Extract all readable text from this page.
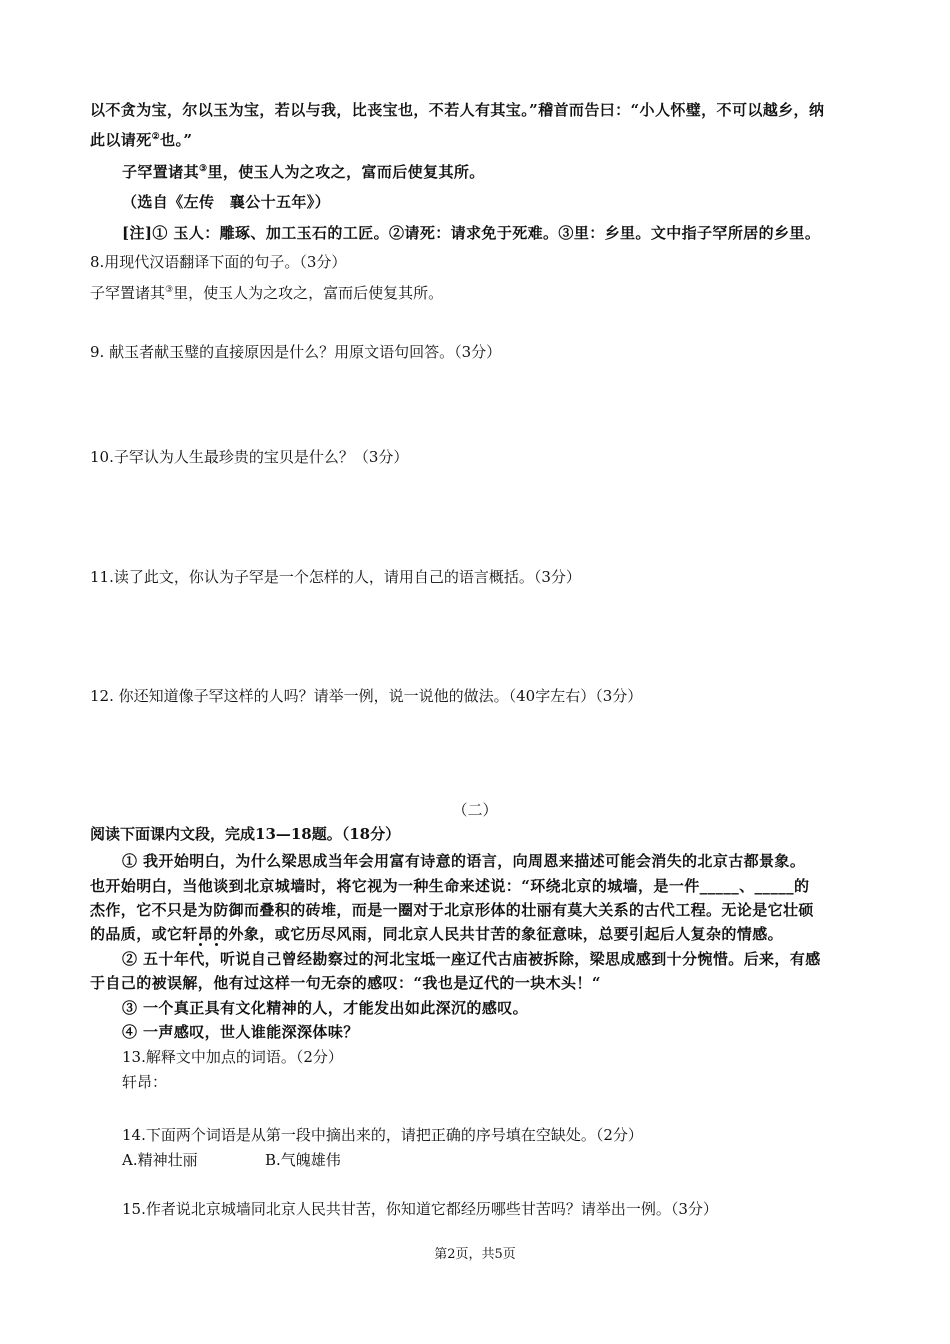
以不贪为宝，尔以玉为宝，若以与我，比丧宝也，不若人有其宝。”稽首而告曰：“小人怀璧，不可以越乡，纳
此以请死②也。”
子罕置诸其③里，使玉人为之攻之，富而后使复其所。
（选自《左传　襄公十五年》）
[注]① 玉人：雕琢、加工玉石的工匠。②请死：请求免于死难。③里：乡里。文中指子罕所居的乡里。
8.用现代汉语翻译下面的句子。（3分）
子罕置诸其③里，使玉人为之攻之，富而后使复其所。
9. 献玉者献玉璧的直接原因是什么？用原文语句回答。（3分）
10.子罕认为人生最珍贵的宝贝是什么？（3分）
11.读了此文，你认为子罕是一个怎样的人，请用自己的语言概括。（3分）
12. 你还知道像子罕这样的人吗？请举一例，说一说他的做法。（40字左右）（3分）
（二）
阅读下面课内文段，完成13—18题。（18分）
① 我开始明白，为什么梁思成当年会用富有诗意的语言，向周恩来描述可能会消失的北京古都景象。
也开始明白，当他谈到北京城墙时，将它视为一种生命来述说：“环绕北京的城墙，是一件_____、_____的
杰作，它不只是为防御而叠积的砖堆，而是一圈对于北京形体的壮丽有莫大关系的古代工程。无论是它壮硕
的品质，或它轩昂的外象，或它历尽风雨，同北京人民共甘苦的象征意味，总要引起后人复杂的情感。
② 五十年代，听说自己曾经勘察过的河北宝坻一座辽代古庙被拆除，梁思成感到十分惋惜。后来，有感
于自己的被误解，他有过这样一句无奈的感叹：“我也是辽代的一块木头！“
③ 一个真正具有文化精神的人，才能发出如此深沉的感叹。
④ 一声感叹，世人谁能深深体味？
13.解释文中加点的词语。（2分）
轩昂：
14.下面两个词语是从第一段中摘出来的，请把正确的序号填在空缺处。（2分）
A.精神壮丽	B.气魄雄伟
15.作者说北京城墙同北京人民共甘苦，你知道它都经历哪些甘苦吗？请举出一例。（3分）
第2页，共5页
